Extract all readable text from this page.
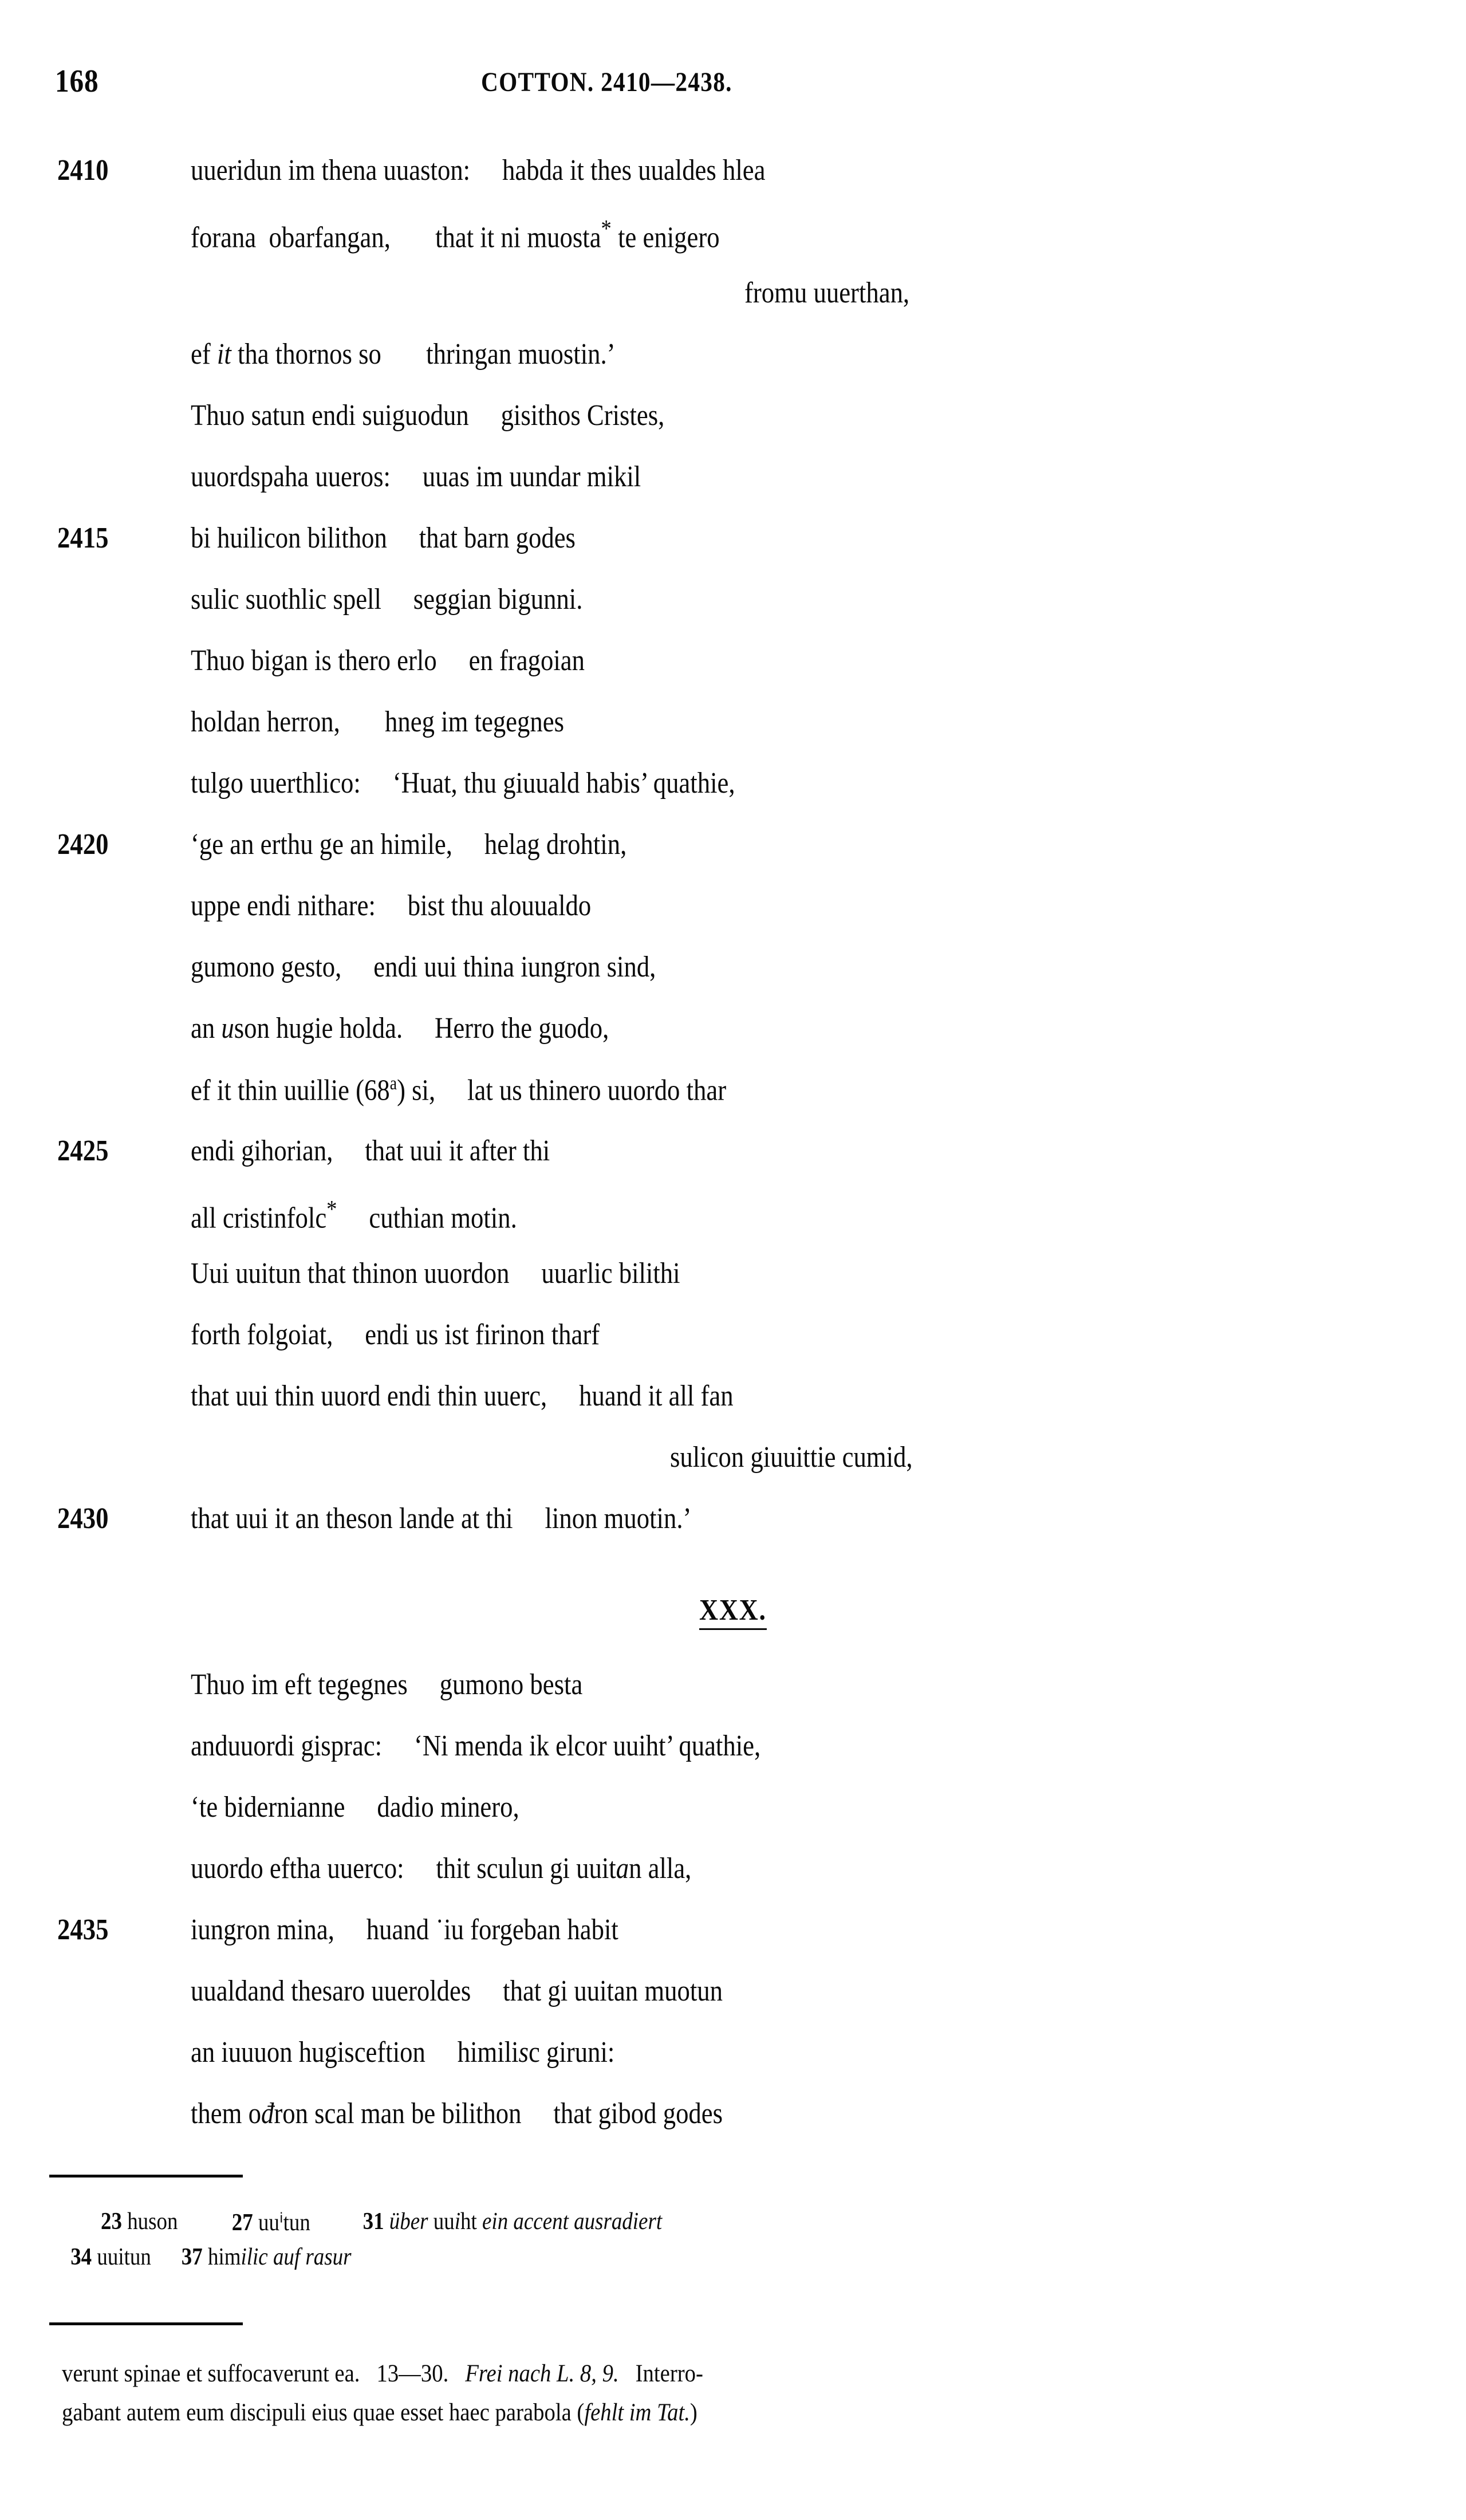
168	COTTON. 2410—2438.
2410	uueridun im thena uuaston:  habda it thes uualdes hlea
forana  obarfangan,   that it ni muosta* te enigero
fromu uuerthan,
ef it tha thornos so   thringan muostin.’
Thuo satun endi suiguodun  gisithos Cristes,
uuordspaha uueros:  uuas im uundar mikil
2415	bi huilicon bilithon  that barn godes
sulic suothlic spell  seggian bigunni.
Thuo bigan is thero erlo  en fragoian
holdan herron,   hneg im tegegnes
tulgo uuerthlico:  ‘Huat, thu giuuald habis’ quathie,
2420	‘ge an erthu ge an himile,  helag drohtin,
uppe endi nithare:  bist thu alouualdo
gumono gesto,  endi uui thina iungron sind,
an uson hugie holda.  Herro the guodo,
ef it thin uuillie (68$^a$) si,  lat us thinero uuordo thar
2425	endi gihorian,  that uui it after thi
all cristinfolc*  cuthian motin.
Uui uuitun that thinon uuordon  uuarlic bilithi
forth folgoiat,  endi us ist firinon tharf
that uui thin uuord endi thin uuerc,  huand it all fan
sulicon giuuittie cumid,
2430	that uui it an theson lande at thi  linon muotin.’
XXX.
Thuo im eft tegegnes  gumono besta
anduuordi gisprac:  ‘Ni menda ik elcor uuiht’ quathie,
‘te bidernianne  dadio minero,
uuordo eftha uuerco:  thit sculun gi uuitan alla,
2435	iungron mina,  huand ˙iu forgeban habit
uualdand thesaro uueroldes  that gi uuitan muotun
an iuuuon hugisceftion  himilisc giruni:
them ođron scal man be bilithon  that gibod godes
23 huson 27 uuⁱtun 31 über uuiht ein accent ausradiert
34 uuitun 37 himilic auf rasur
verunt spinae et suffocaverunt ea.  13—30.  Frei nach L. 8, 9.  Interro-
gabant autem eum discipuli eius quae esset haec parabola (fehlt im Tat.)
